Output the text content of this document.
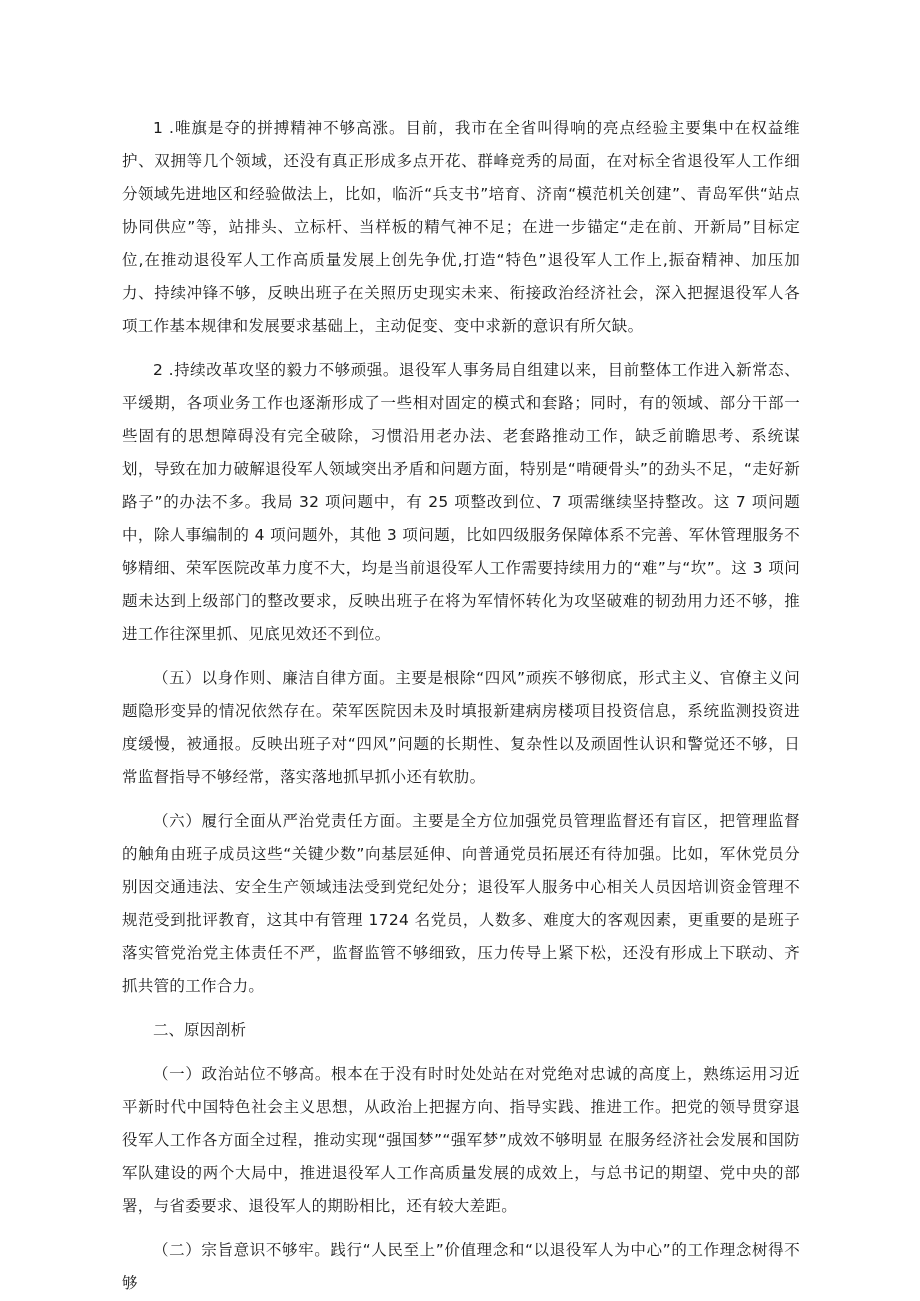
1 .唯旗是夺的拼搏精神不够高涨。目前，我市在全省叫得响的亮点经验主要集中在权益维护、双拥等几个领域，还没有真正形成多点开花、群峰竞秀的局面，在对标全省退役军人工作细分领域先进地区和经验做法上，比如，临沂“兵支书”培育、济南“模范机关创建”、青岛军供“站点协同供应”等，站排头、立标杆、当样板的精气神不足；在进一步锚定“走在前、开新局”目标定位,在推动退役军人工作高质量发展上创先争优,打造“特色”退役军人工作上,振奋精神、加压加力、持续冲锋不够，反映出班子在关照历史现实未来、衔接政治经济社会，深入把握退役军人各项工作基本规律和发展要求基础上，主动促变、变中求新的意识有所欠缺。

2 .持续改革攻坚的毅力不够顽强。退役军人事务局自组建以来，目前整体工作进入新常态、平缓期，各项业务工作也逐渐形成了一些相对固定的模式和套路；同时，有的领域、部分干部一些固有的思想障碍没有完全破除，习惯沿用老办法、老套路推动工作，缺乏前瞻思考、系统谋划，导致在加力破解退役军人领域突出矛盾和问题方面，特别是“啃硬骨头”的劲头不足，“走好新路子”的办法不多。我局 32 项问题中，有 25 项整改到位、7 项需继续坚持整改。这 7 项问题中，除人事编制的 4 项问题外，其他 3 项问题，比如四级服务保障体系不完善、军休管理服务不够精细、荣军医院改革力度不大，均是当前退役军人工作需要持续用力的“难”与“坎”。这 3 项问题未达到上级部门的整改要求，反映出班子在将为军情怀转化为攻坚破难的韧劲用力还不够，推进工作往深里抓、见底见效还不到位。

（五）以身作则、廉洁自律方面。主要是根除“四风”顽疾不够彻底，形式主义、官僚主义问题隐形变异的情况依然存在。荣军医院因未及时填报新建病房楼项目投资信息，系统监测投资进度缓慢，被通报。反映出班子对“四风”问题的长期性、复杂性以及顽固性认识和警觉还不够，日常监督指导不够经常，落实落地抓早抓小还有软肋。

（六）履行全面从严治党责任方面。主要是全方位加强党员管理监督还有盲区，把管理监督的触角由班子成员这些“关键少数”向基层延伸、向普通党员拓展还有待加强。比如，军休党员分别因交通违法、安全生产领域违法受到党纪处分；退役军人服务中心相关人员因培训资金管理不规范受到批评教育，这其中有管理 1724 名党员，人数多、难度大的客观因素，更重要的是班子落实管党治党主体责任不严，监督监管不够细致，压力传导上紧下松，还没有形成上下联动、齐抓共管的工作合力。

二、原因剖析

（一）政治站位不够高。根本在于没有时时处处站在对党绝对忠诚的高度上，熟练运用习近平新时代中国特色社会主义思想，从政治上把握方向、指导实践、推进工作。把党的领导贯穿退役军人工作各方面全过程，推动实现“强国梦”“强军梦”成效不够明显 在服务经济社会发展和国防军队建设的两个大局中，推进退役军人工作高质量发展的成效上，与总书记的期望、党中央的部署，与省委要求、退役军人的期盼相比，还有较大差距。

（二）宗旨意识不够牢。践行“人民至上”价值理念和“以退役军人为中心”的工作理念树得不够
